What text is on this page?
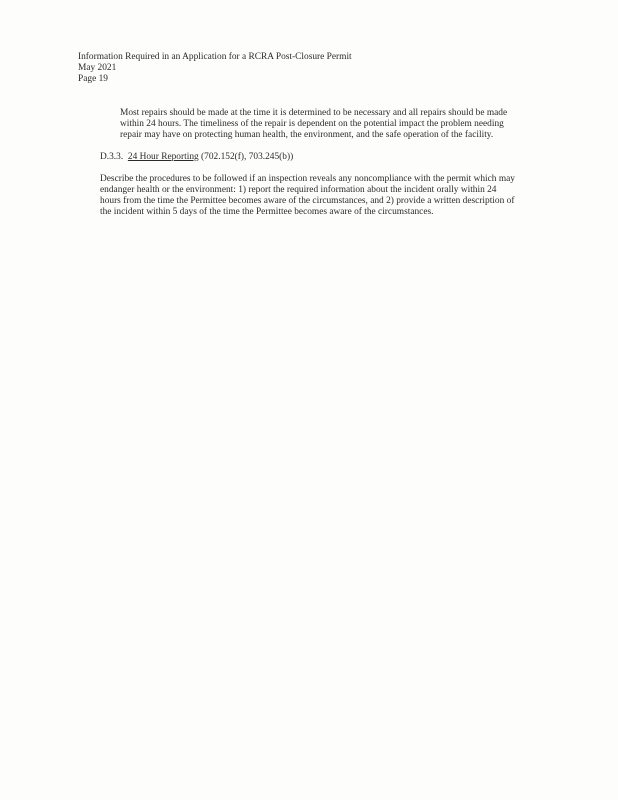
Information Required in an Application for a RCRA Post-Closure Permit
May 2021
Page 19
Most repairs should be made at the time it is determined to be necessary and all repairs should be made
within 24 hours. The timeliness of the repair is dependent on the potential impact the problem needing
repair may have on protecting human health, the environment, and the safe operation of the facility.
D.3.3. 24 Hour Reporting (702.152(f), 703.245(b))
Describe the procedures to be followed if an inspection reveals any noncompliance with the permit which may
endanger health or the environment: 1) report the required information about the incident orally within 24
hours from the time the Permittee becomes aware of the circumstances, and 2) provide a written description of
the incident within 5 days of the time the Permittee becomes aware of the circumstances.
